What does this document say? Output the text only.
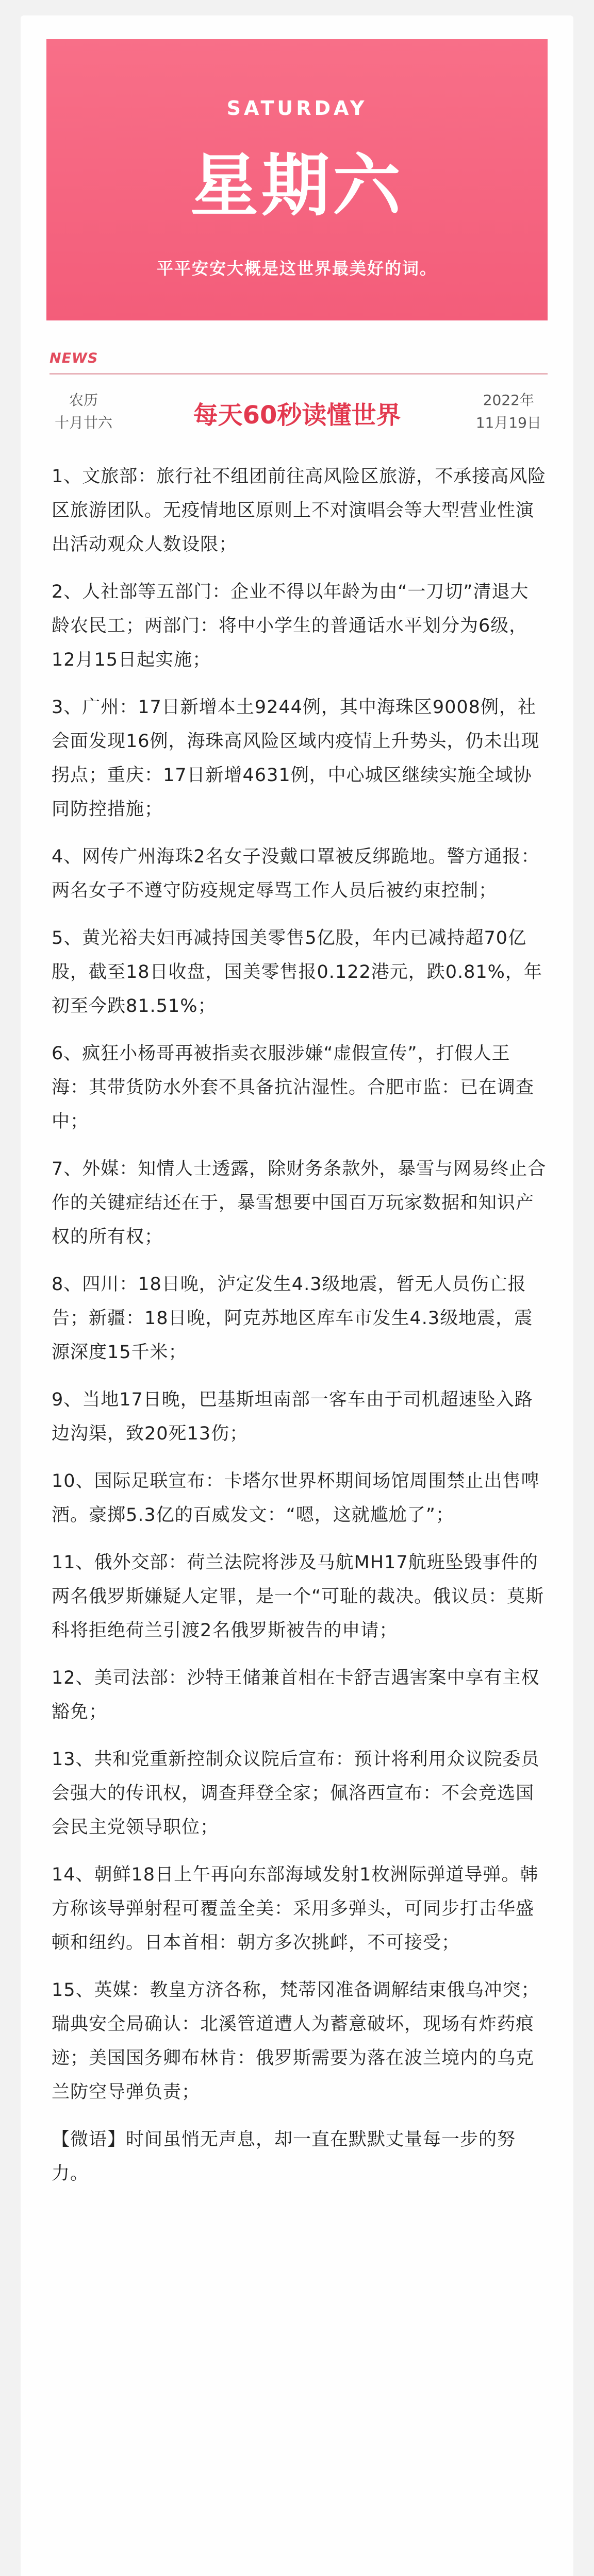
SATURDAY
星期六
平平安安大概是这世界最美好的词。
NEWS
农历
十月廿六	每天60秒读懂世界
2022年
11月19日

1、文旅部：旅行社不组团前往高风险区旅游，不承接高风险区旅游团队。无疫情地区原则上不对演唱会等大型营业性演出活动观众人数设限；

2、人社部等五部门：企业不得以年龄为由“一刀切”清退大龄农民工；两部门：将中小学生的普通话水平划分为6级，12月15日起实施；

3、广州：17日新增本土9244例，其中海珠区9008例，社会面发现16例，海珠高风险区域内疫情上升势头，仍未出现拐点；重庆：17日新增4631例，中心城区继续实施全域协同防控措施；

4、网传广州海珠2名女子没戴口罩被反绑跪地。警方通报：两名女子不遵守防疫规定辱骂工作人员后被约束控制；

5、黄光裕夫妇再减持国美零售5亿股，年内已减持超70亿股，截至18日收盘，国美零售报0.122港元，跌0.81%，年初至今跌81.51%；

6、疯狂小杨哥再被指卖衣服涉嫌“虚假宣传”，打假人王海：其带货防水外套不具备抗沾湿性。合肥市监：已在调查中；

7、外媒：知情人士透露，除财务条款外，暴雪与网易终止合作的关键症结还在于，暴雪想要中国百万玩家数据和知识产权的所有权；

8、四川：18日晚，泸定发生4.3级地震，暂无人员伤亡报告；新疆：18日晚，阿克苏地区库车市发生4.3级地震，震源深度15千米；

9、当地17日晚，巴基斯坦南部一客车由于司机超速坠入路边沟渠，致20死13伤；

10、国际足联宣布：卡塔尔世界杯期间场馆周围禁止出售啤酒。豪掷5.3亿的百威发文：“嗯，这就尴尬了”；

11、俄外交部：荷兰法院将涉及马航MH17航班坠毁事件的两名俄罗斯嫌疑人定罪，是一个“可耻的裁决。俄议员：莫斯科将拒绝荷兰引渡2名俄罗斯被告的申请；

12、美司法部：沙特王储兼首相在卡舒吉遇害案中享有主权豁免；

13、共和党重新控制众议院后宣布：预计将利用众议院委员会强大的传讯权，调查拜登全家；佩洛西宣布：不会竞选国会民主党领导职位；

14、朝鲜18日上午再向东部海域发射1枚洲际弹道导弹。韩方称该导弹射程可覆盖全美：采用多弹头，可同步打击华盛顿和纽约。日本首相：朝方多次挑衅，不可接受；

15、英媒：教皇方济各称，梵蒂冈准备调解结束俄乌冲突；瑞典安全局确认：北溪管道遭人为蓄意破坏，现场有炸药痕迹；美国国务卿布林肯：俄罗斯需要为落在波兰境内的乌克兰防空导弹负责；

【微语】时间虽悄无声息，却一直在默默丈量每一步的努力。
